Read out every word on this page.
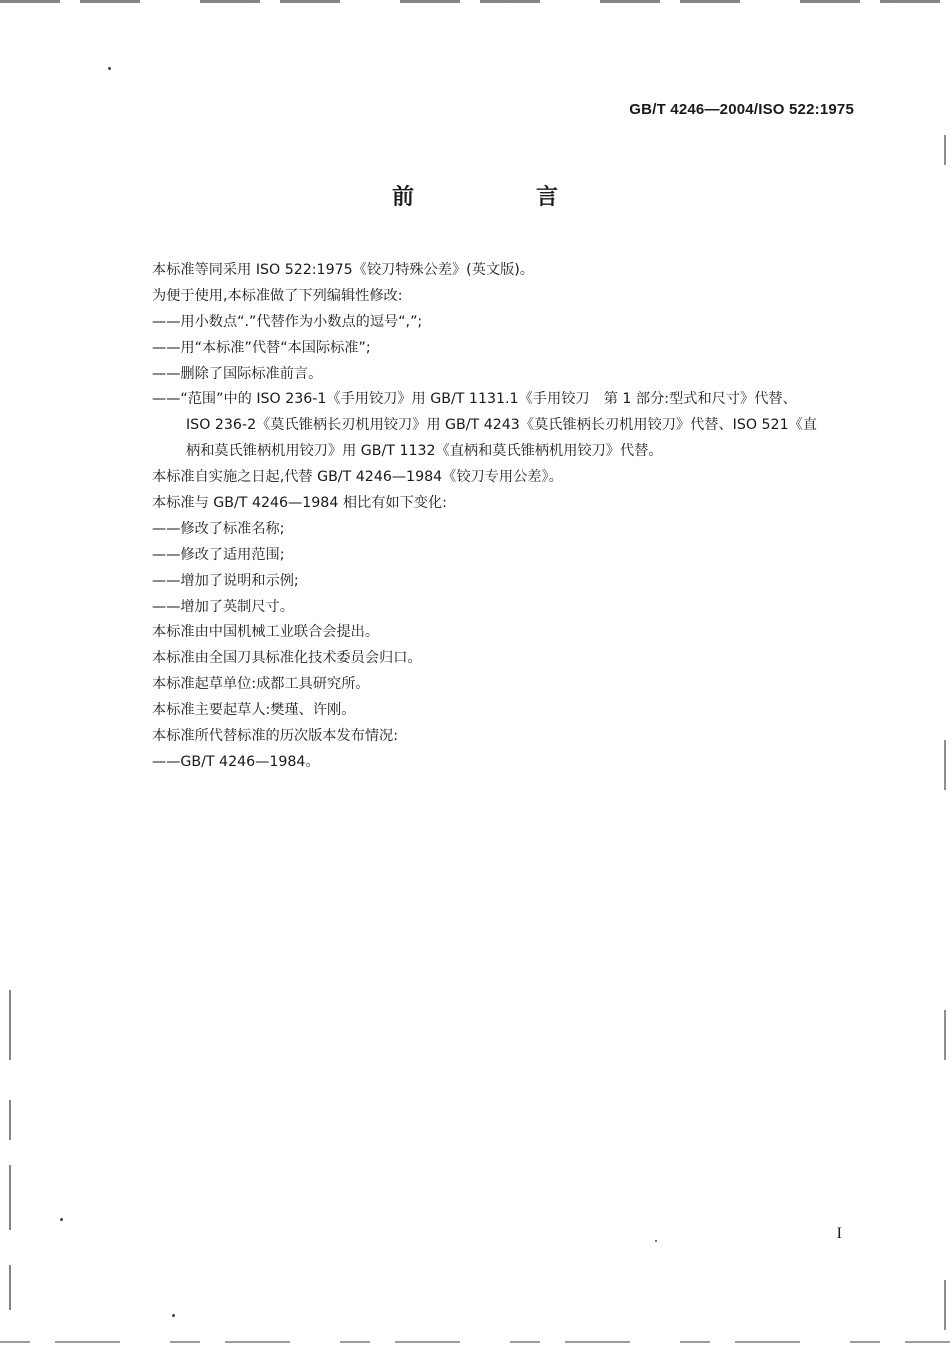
GB/T 4246—2004/ISO 522:1975
前　言
本标准等同采用 ISO 522:1975《铰刀特殊公差》(英文版)。
为便于使用,本标准做了下列编辑性修改:
——用小数点“.”代替作为小数点的逗号“,”;
——用“本标准”代替“本国际标准”;
——删除了国际标准前言。
——“范围”中的 ISO 236-1《手用铰刀》用 GB/T 1131.1《手用铰刀　第 1 部分:型式和尺寸》代替、
ISO 236-2《莫氏锥柄长刃机用铰刀》用 GB/T 4243《莫氏锥柄长刃机用铰刀》代替、ISO 521《直
柄和莫氏锥柄机用铰刀》用 GB/T 1132《直柄和莫氏锥柄机用铰刀》代替。
本标准自实施之日起,代替 GB/T 4246—1984《铰刀专用公差》。
本标准与 GB/T 4246—1984 相比有如下变化:
——修改了标准名称;
——修改了适用范围;
——增加了说明和示例;
——增加了英制尺寸。
本标准由中国机械工业联合会提出。
本标准由全国刀具标准化技术委员会归口。
本标准起草单位:成都工具研究所。
本标准主要起草人:樊瑾、许刚。
本标准所代替标准的历次版本发布情况:
——GB/T 4246—1984。
I
